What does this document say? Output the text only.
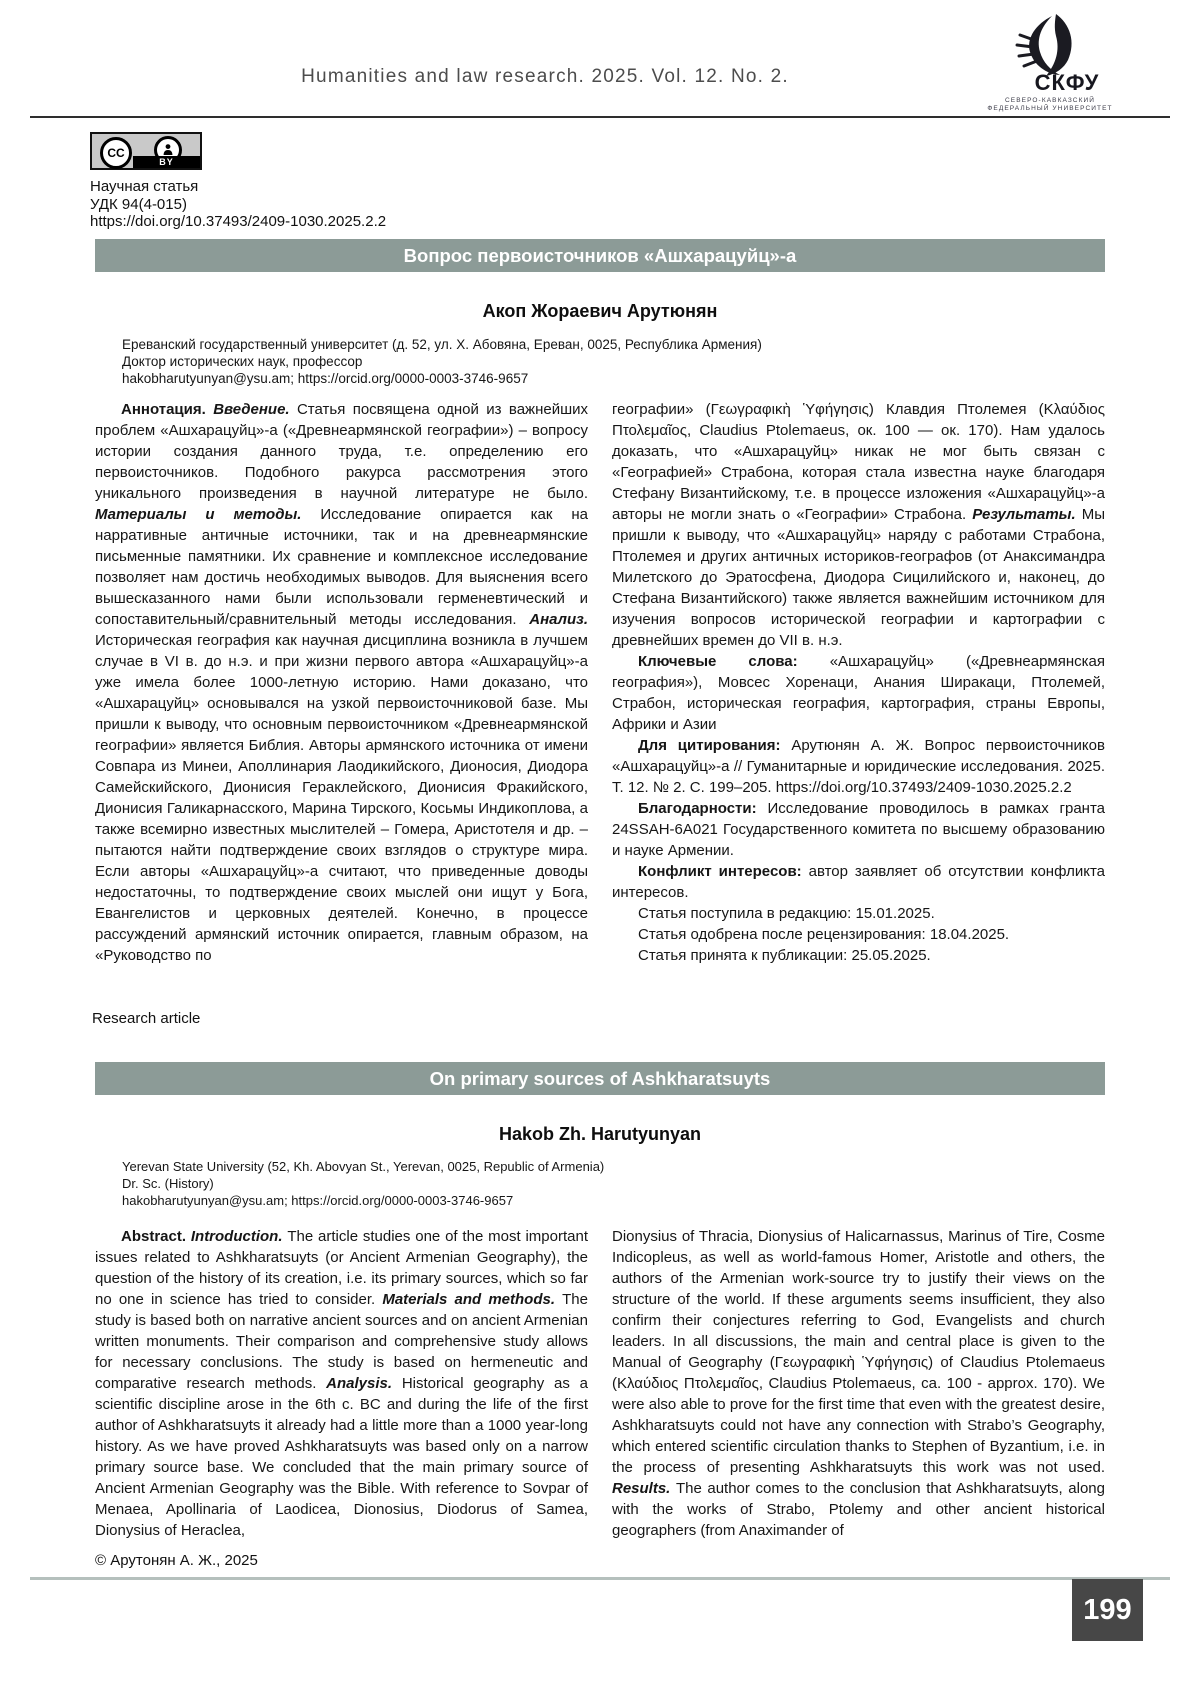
Humanities and law research. 2025. Vol. 12. No. 2.	СКФУ
СЕВЕРО-КАВКАЗСКИЙ
ФЕДЕРАЛЬНЫЙ УНИВЕРСИТЕТ
CC
BY
Научная статья
УДК 94(4-015)
https://doi.org/10.37493/2409-1030.2025.2.2
Вопрос первоисточников «Ашхарацуйц»-а
Акоп Жораевич Арутюнян
Ереванский государственный университет (д. 52, ул. Х. Абовяна, Ереван, 0025, Республика Армения)
Доктор исторических наук, профессор
hakobharutyunyan@ysu.am; https://orcid.org/0000-0003-3746-9657

Аннотация. Введение. Статья посвящена одной из важнейших проблем «Ашхарацуйц»-а («Древнеармянской географии») – вопросу истории создания данного труда, т.е. определению его первоисточников. Подобного ракурса рассмотрения этого уникального произведения в научной литературе не было. Материалы и методы. Исследование опирается как на нарративные античные источники, так и на древнеармянские письменные памятники. Их сравнение и комплексное исследование позволяет нам достичь необходимых выводов. Для выяснения всего вышесказанного нами были использовали герменевтический и сопоставительный/сравнительный методы исследования. Анализ. Историческая география как научная дисциплина возникла в лучшем случае в VI в. до н.э. и при жизни первого автора «Ашхарацуйц»-а уже имела более 1000-летную историю. Нами доказано, что «Ашхарацуйц» основывался на узкой первоисточниковой базе. Мы пришли к выводу, что основным первоисточником «Древнеармянской географии» является Библия. Авторы армянского источника от имени Совпара из Минеи, Аполлинария Лаодикийского, Дионосия, Диодора Самейскийского, Дионисия Гераклейского, Дионисия Фракийского, Дионисия Галикарнасского, Марина Тирского, Косьмы Индикоплова, а также всемирно известных мыслителей – Гомера, Аристотеля и др. – пытаются найти подтверждение своих взглядов о структуре мира. Если авторы «Ашхарацуйц»-а считают, что приведенные доводы недостаточны, то подтверждение своих мыслей они ищут у Бога, Евангелистов и церковных деятелей. Конечно, в процессе рассуждений армянский источник опирается, главным образом, на «Руководство по

географии» (Γεωγραφικὴ Ὑφήγησις) Клавдия Птолемея (Κλαύδιος Πτολεμαῖος, Claudius Ptolemaeus, ок. 100 — ок. 170). Нам удалось доказать, что «Ашхарацуйц» никак не мог быть связан с «Географией» Страбона, которая стала известна науке благодаря Стефану Византийскому, т.е. в процессе изложения «Ашхарацуйц»-а авторы не могли знать о «Географии» Страбона. Результаты. Мы пришли к выводу, что «Ашхарацуйц» наряду с работами Страбона, Птолемея и других античных историков-географов (от Анаксимандра Милетского до Эратосфена, Диодора Сицилийского и, наконец, до Стефана Византийского) также является важнейшим источником для изучения вопросов исторической географии и картографии с древнейших времен до VII в. н.э.

Ключевые слова: «Ашхарацуйц» («Древнеармянская география»), Мовсес Хоренаци, Анания Ширакаци, Птолемей, Страбон, историческая география, картография, страны Европы, Африки и Азии

Для цитирования: Арутюнян А. Ж. Вопрос первоисточников «Ашхарацуйц»-а // Гуманитарные и юридические исследования. 2025. Т. 12. № 2. С. 199–205. https://doi.org/10.37493/2409-1030.2025.2.2

Благодарности: Исследование проводилось в рамках гранта 24SSAH-6A021 Государственного комитета по высшему образованию и науке Армении.

Конфликт интересов: автор заявляет об отсутствии конфликта интересов.

Статья поступила в редакцию: 15.01.2025.

Статья одобрена после рецензирования: 18.04.2025.

Статья принята к публикации: 25.05.2025.

Research article
On primary sources of Ashkharatsuyts
Hakob Zh. Harutyunyan
Yerevan State University (52, Kh. Abovyan St., Yerevan, 0025, Republic of Armenia)
Dr. Sc. (History)
hakobharutyunyan@ysu.am; https://orcid.org/0000-0003-3746-9657

Abstract. Introduction. The article studies one of the most important issues related to Ashkharatsuyts (or Ancient Armenian Geography), the question of the history of its creation, i.e. its primary sources, which so far no one in science has tried to consider. Materials and methods. The study is based both on narrative ancient sources and on ancient Armenian written monuments. Their comparison and comprehensive study allows for necessary conclusions. The study is based on hermeneutic and comparative research methods. Analysis. Historical geography as a scientific discipline arose in the 6th c. BC and during the life of the first author of Ashkharatsuyts it already had a little more than a 1000 year-long history. As we have proved Ashkharatsuyts was based only on a narrow primary source base. We concluded that the main primary source of Ancient Armenian Geography was the Bible. With reference to Sovpar of Menaea, Apollinaria of Laodicea, Dionosius, Diodorus of Samea, Dionysius of Heraclea,

Dionysius of Thracia, Dionysius of Halicarnassus, Marinus of Tire, Cosme Indicopleus, as well as world-famous Homer, Aristotle and others, the authors of the Armenian work-source try to justify their views on the structure of the world. If these arguments seems insufficient, they also confirm their conjectures referring to God, Evangelists and church leaders. In all discussions, the main and central place is given to the Manual of Geography (Γεωγραφικὴ Ὑφήγησις) of Claudius Ptolemaeus (Κλαύδιος Πτολεμαῖος, Claudius Ptolemaeus, ca. 100 - approx. 170). We were also able to prove for the first time that even with the greatest desire, Ashkharatsuyts could not have any connection with Strabo’s Geography, which entered scientific circulation thanks to Stephen of Byzantium, i.e. in the process of presenting Ashkharatsuyts this work was not used. Results. The author comes to the conclusion that Ashkharatsuyts, along with the works of Strabo, Ptolemy and other ancient historical geographers (from Anaximander of

© Арутонян А. Ж., 2025
199
